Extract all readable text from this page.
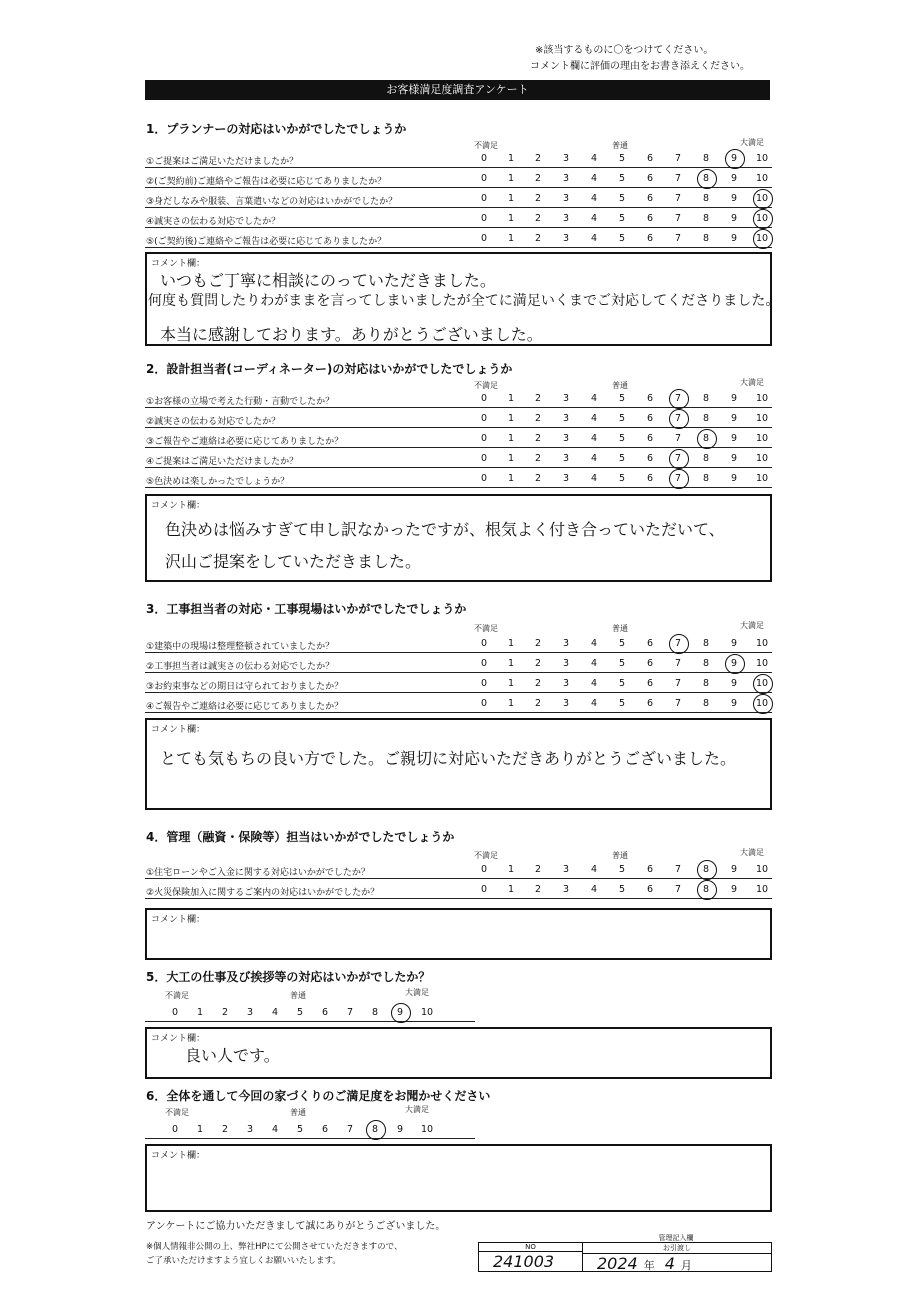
※該当するものに〇をつけてください。
コメント欄に評価の理由をお書き添えください。
お客様満足度調査アンケート
1．プランナーの対応はいかがでしたでしょうか
不満足	普通	大満足
①ご提案はご満足いただけましたか？	0	1	2	3	4	5	6	7	8	9	10
②(ご契約前)ご連絡やご報告は必要に応じてありましたか？	0	1	2	3	4	5	6	7	8	9	10
③身だしなみや服装、言葉遣いなどの対応はいかがでしたか？	0	1	2	3	4	5	6	7	8	9	10
④誠実さの伝わる対応でしたか？	0	1	2	3	4	5	6	7	8	9	10
⑤(ご契約後)ご連絡やご報告は必要に応じてありましたか？	0	1	2	3	4	5	6	7	8	9	10
コメント欄：
いつもご丁寧に相談にのっていただきました。
何度も質問したりわがままを言ってしまいましたが全てに満足いくまでご対応してくださりました。
本当に感謝しております。ありがとうございました。
2．設計担当者(コーディネーター)の対応はいかがでしたでしょうか
不満足	普通	大満足
①お客様の立場で考えた行動・言動でしたか？	0	1	2	3	4	5	6	7	8	9	10
②誠実さの伝わる対応でしたか？	0	1	2	3	4	5	6	7	8	9	10
③ご報告やご連絡は必要に応じてありましたか？	0	1	2	3	4	5	6	7	8	9	10
④ご提案はご満足いただけましたか？	0	1	2	3	4	5	6	7	8	9	10
⑤色決めは楽しかったでしょうか？	0	1	2	3	4	5	6	7	8	9	10
コメント欄：
色決めは悩みすぎて申し訳なかったですが、根気よく付き合っていただいて、
沢山ご提案をしていただきました。
3．工事担当者の対応・工事現場はいかがでしたでしょうか
不満足	普通	大満足
①建築中の現場は整理整頓されていましたか？	0	1	2	3	4	5	6	7	8	9	10
②工事担当者は誠実さの伝わる対応でしたか？	0	1	2	3	4	5	6	7	8	9	10
③お約束事などの期日は守られておりましたか？	0	1	2	3	4	5	6	7	8	9	10
④ご報告やご連絡は必要に応じてありましたか？	0	1	2	3	4	5	6	7	8	9	10
コメント欄：
とても気もちの良い方でした。ご親切に対応いただきありがとうございました。
4．管理（融資・保険等）担当はいかがでしたでしょうか
不満足	普通	大満足
①住宅ローンやご入金に関する対応はいかがでしたか？	0	1	2	3	4	5	6	7	8	9	10
②火災保険加入に関するご案内の対応はいかがでしたか？	0	1	2	3	4	5	6	7	8	9	10
コメント欄：
5．大工の仕事及び挨拶等の対応はいかがでしたか？
不満足	普通	大満足
0	1	2	3	4	5	6	7	8	9	10
コメント欄：
良い人です。
6．全体を通して今回の家づくりのご満足度をお聞かせください
不満足	普通	大満足
0	1	2	3	4	5	6	7	8	9	10
コメント欄：
アンケートにご協力いただきまして誠にありがとうございました。
※個人情報非公開の上、弊社HPにて公開させていただきますので、
ご了承いただけますよう宜しくお願いいたします。
管理記入欄
NO
241003
お引渡し
2024 年 4 月
